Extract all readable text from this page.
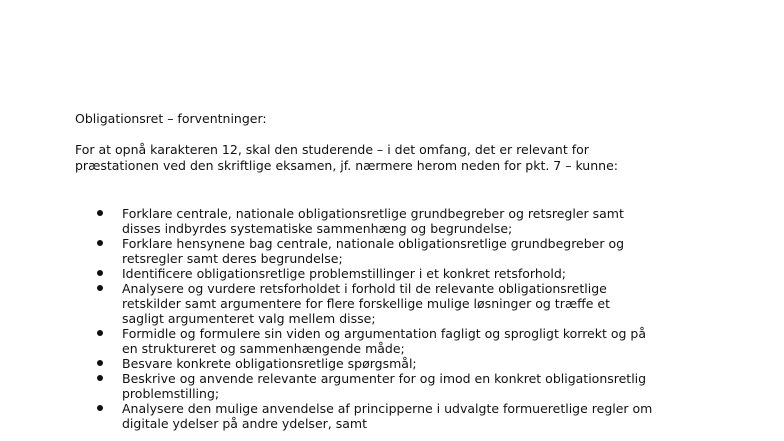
Obligationsret – forventninger:
For at opnå karakteren 12, skal den studerende – i det omfang, det er relevant for
præstationen ved den skriftlige eksamen, jf. nærmere herom neden for pkt. 7 – kunne:
Forklare centrale, nationale obligationsretlige grundbegreber og retsregler samt
disses indbyrdes systematiske sammenhæng og begrundelse;
Forklare hensynene bag centrale, nationale obligationsretlige grundbegreber og
retsregler samt deres begrundelse;
Identificere obligationsretlige problemstillinger i et konkret retsforhold;
Analysere og vurdere retsforholdet i forhold til de relevante obligationsretlige
retskilder samt argumentere for flere forskellige mulige løsninger og træffe et
sagligt argumenteret valg mellem disse;
Formidle og formulere sin viden og argumentation fagligt og sprogligt korrekt og på
en struktureret og sammenhængende måde;
Besvare konkrete obligationsretlige spørgsmål;
Beskrive og anvende relevante argumenter for og imod en konkret obligationsretlig
problemstilling;
Analysere den mulige anvendelse af principperne i udvalgte formueretlige regler om
digitale ydelser på andre ydelser, samt
